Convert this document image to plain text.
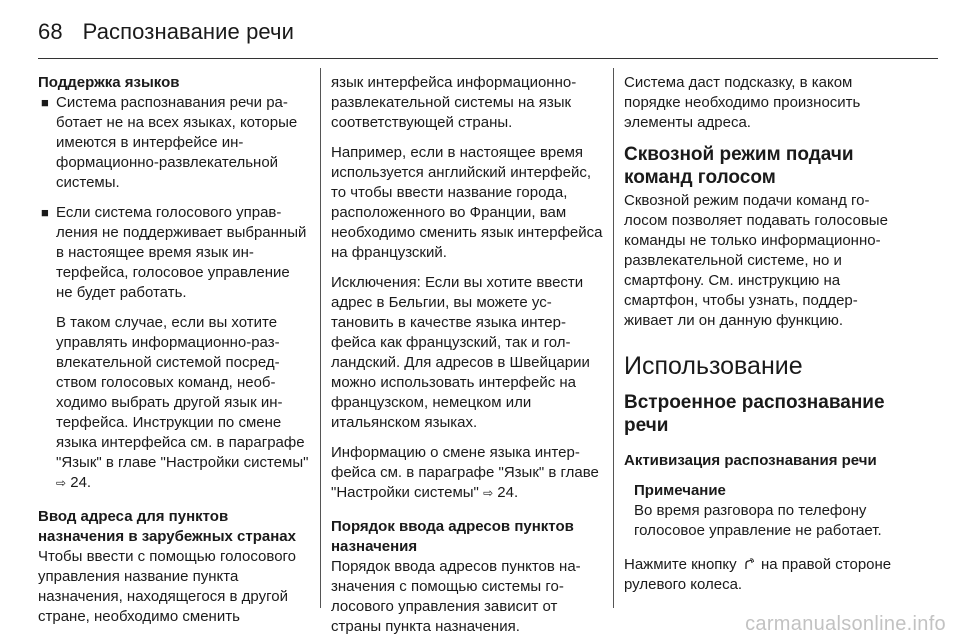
68 Распознавание речи

Поддержка языков

■ Система распознавания речи работает не на всех языках, которые имеются в интерфейсе информационно-развлекательной системы.
■ Если система голосового управления не поддерживает выбранный в настоящее время язык интерфейса, голосовое управление не будет работать.

В таком случае, если вы хотите управлять информационно-развлекательной системой посредством голосовых команд, необходимо выбрать другой язык интерфейса. Инструкции по смене языка интерфейса см. в параграфе "Язык" в главе "Настройки системы" ⇨ 24.

Ввод адреса для пунктов назначения в зарубежных странах

Чтобы ввести с помощью голосового управления название пункта назначения, находящегося в другой стране, необходимо сменить

язык интерфейса информационно-развлекательной системы на язык соответствующей страны.

Например, если в настоящее время используется английский интерфейс, то чтобы ввести название города, расположенного во Франции, вам необходимо сменить язык интерфейса на французский.

Исключения: Если вы хотите ввести адрес в Бельгии, вы можете установить в качестве языка интерфейса как французский, так и голландский. Для адресов в Швейцарии можно использовать интерфейс на французском, немецком или итальянском языках.

Информацию о смене языка интерфейса см. в параграфе "Язык" в главе "Настройки системы" ⇨ 24.

Порядок ввода адресов пунктов назначения

Порядок ввода адресов пунктов назначения с помощью системы голосового управления зависит от страны пункта назначения.

Система даст подсказку, в каком порядке необходимо произносить элементы адреса.

Сквозной режим подачи команд голосом

Сквозной режим подачи команд голосом позволяет подавать голосовые команды не только информационно-развлекательной системе, но и смартфону. См. инструкцию на смартфон, чтобы узнать, поддерживает ли он данную функцию.

Использование

Встроенное распознавание речи

Активизация распознавания речи

Примечание

Во время разговора по телефону голосовое управление не работает.

Нажмите кнопку на правой стороне рулевого колеса.

carmanualsonline.info
